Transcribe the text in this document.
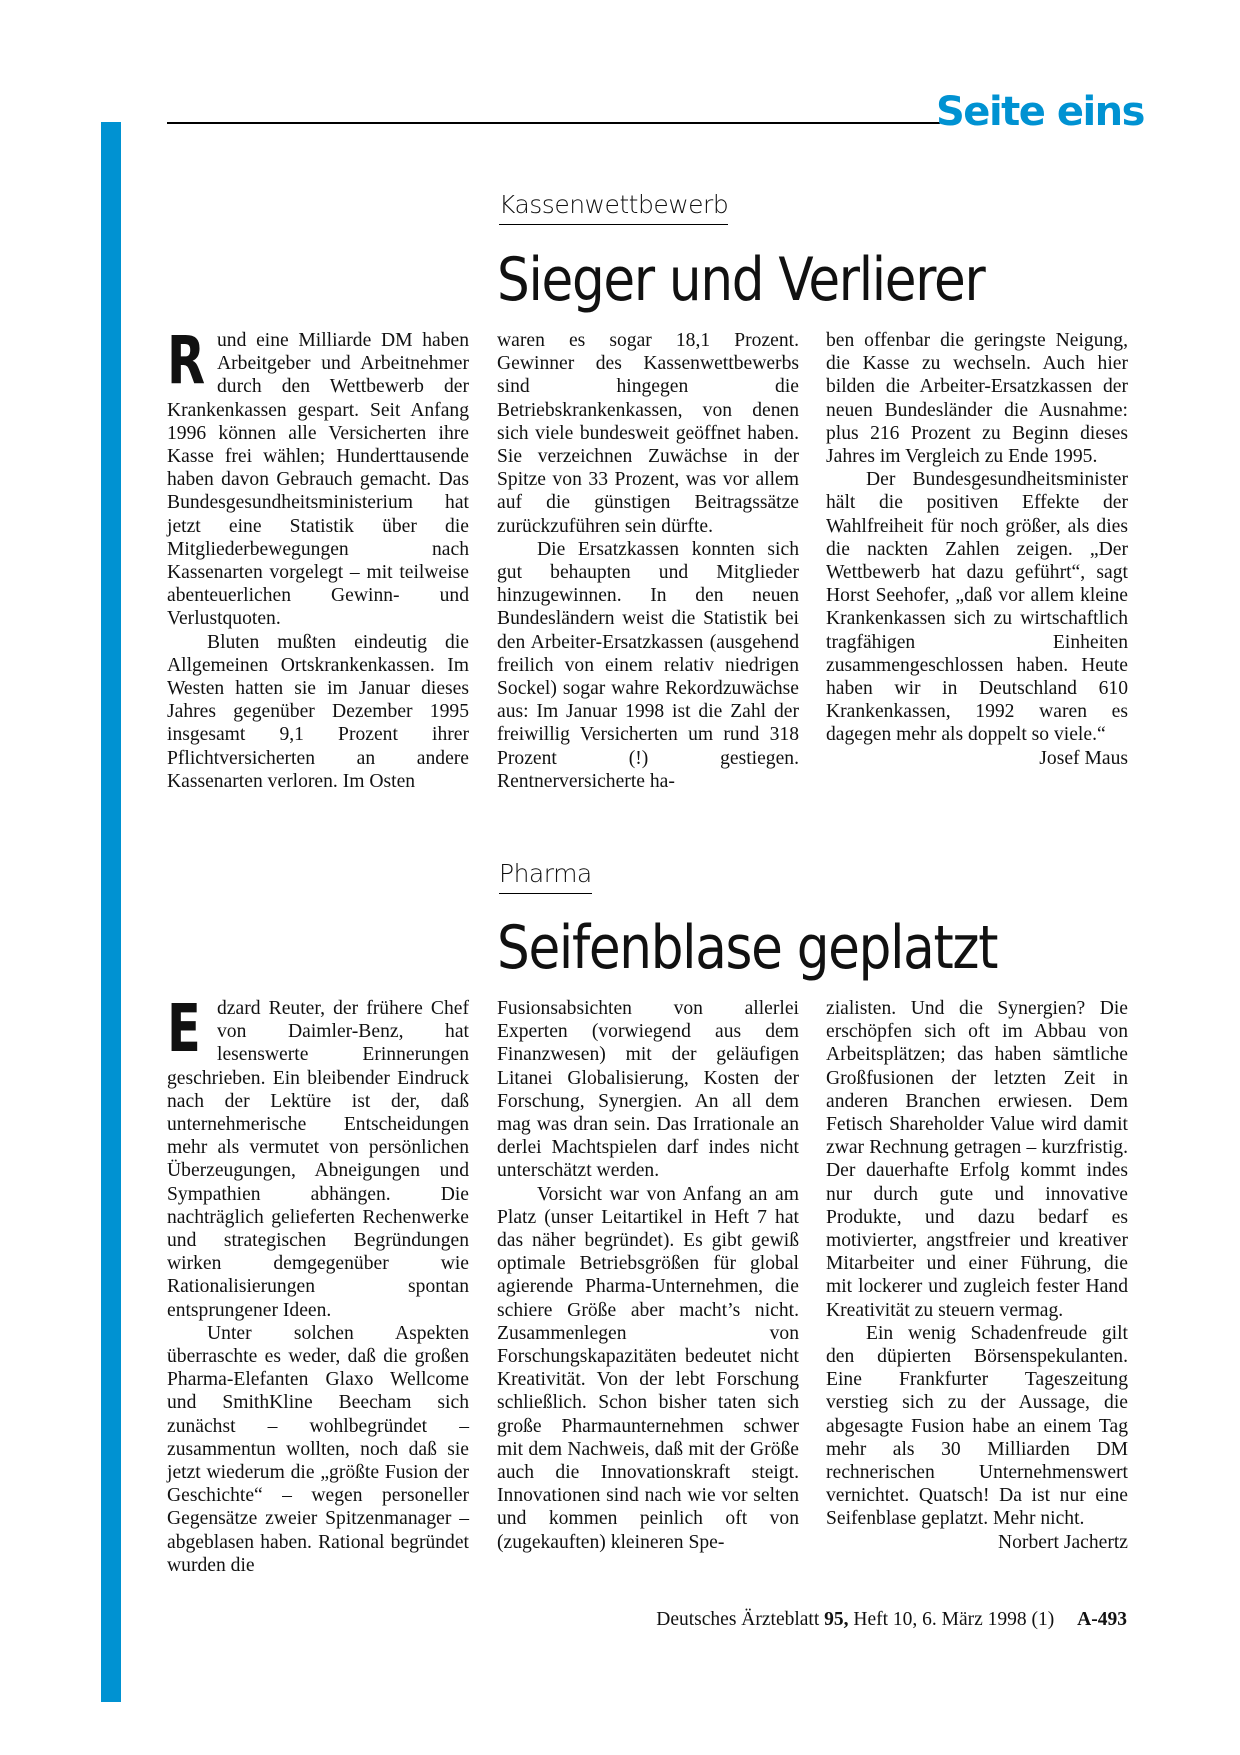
Seite eins
Kassenwettbewerb
Sieger und Verlierer

Rund eine Milliarde DM haben Arbeitgeber und Arbeitnehmer durch den Wettbewerb der Krankenkassen gespart. Seit Anfang 1996 können alle Versicherten ihre Kasse frei wählen; Hunderttausende haben davon Gebrauch gemacht. Das Bundesgesundheitsministerium hat jetzt eine Statistik über die Mitgliederbewegungen nach Kassenarten vorgelegt – mit teilweise abenteuerlichen Gewinn- und Verlustquoten.

Bluten mußten eindeutig die Allgemeinen Ortskrankenkassen. Im Westen hatten sie im Januar dieses Jahres gegenüber Dezember 1995 insgesamt 9,1 Prozent ihrer Pflichtversicherten an andere Kassenarten verloren. Im Osten

waren es sogar 18,1 Prozent. Gewinner des Kassenwettbewerbs sind hingegen die Betriebskrankenkassen, von denen sich viele bundesweit geöffnet haben. Sie verzeichnen Zuwächse in der Spitze von 33 Prozent, was vor allem auf die günstigen Beitragssätze zurückzuführen sein dürfte.

Die Ersatzkassen konnten sich gut behaupten und Mitglieder hinzugewinnen. In den neuen Bundesländern weist die Statistik bei den Arbeiter-Ersatzkassen (ausgehend freilich von einem relativ niedrigen Sockel) sogar wahre Rekordzuwächse aus: Im Januar 1998 ist die Zahl der freiwillig Versicherten um rund 318 Prozent (!) gestiegen. Rentnerversicherte ha-

ben offenbar die geringste Neigung, die Kasse zu wechseln. Auch hier bilden die Arbeiter-Ersatzkassen der neuen Bundesländer die Ausnahme: plus 216 Prozent zu Beginn dieses Jahres im Vergleich zu Ende 1995.

Der Bundesgesundheitsminister hält die positiven Effekte der Wahlfreiheit für noch größer, als dies die nackten Zahlen zeigen. „Der Wettbewerb hat dazu geführt“, sagt Horst Seehofer, „daß vor allem kleine Krankenkassen sich zu wirtschaftlich tragfähigen Einheiten zusammengeschlossen haben. Heute haben wir in Deutschland 610 Krankenkassen, 1992 waren es dagegen mehr als doppelt so viele.“
Josef Maus

Pharma
Seifenblase geplatzt

Edzard Reuter, der frühere Chef von Daimler-Benz, hat lesenswerte Erinnerungen geschrieben. Ein bleibender Eindruck nach der Lektüre ist der, daß unternehmerische Entscheidungen mehr als vermutet von persönlichen Überzeugungen, Abneigungen und Sympathien abhängen. Die nachträglich gelieferten Rechenwerke und strategischen Begründungen wirken demgegenüber wie Rationalisierungen spontan entsprungener Ideen.

Unter solchen Aspekten überraschte es weder, daß die großen Pharma-Elefanten Glaxo Wellcome und SmithKline Beecham sich zunächst – wohlbegründet – zusammentun wollten, noch daß sie jetzt wiederum die „größte Fusion der Geschichte“ – wegen personeller Gegensätze zweier Spitzenmanager – abgeblasen haben. Rational begründet wurden die

Fusionsabsichten von allerlei Experten (vorwiegend aus dem Finanzwesen) mit der geläufigen Litanei Globalisierung, Kosten der Forschung, Synergien. An all dem mag was dran sein. Das Irrationale an derlei Machtspielen darf indes nicht unterschätzt werden.

Vorsicht war von Anfang an am Platz (unser Leitartikel in Heft 7 hat das näher begründet). Es gibt gewiß optimale Betriebsgrößen für global agierende Pharma-Unternehmen, die schiere Größe aber macht’s nicht. Zusammenlegen von Forschungskapazitäten bedeutet nicht Kreativität. Von der lebt Forschung schließlich. Schon bisher taten sich große Pharmaunternehmen schwer mit dem Nachweis, daß mit der Größe auch die Innovationskraft steigt. Innovationen sind nach wie vor selten und kommen peinlich oft von (zugekauften) kleineren Spe-

zialisten. Und die Synergien? Die erschöpfen sich oft im Abbau von Arbeitsplätzen; das haben sämtliche Großfusionen der letzten Zeit in anderen Branchen erwiesen. Dem Fetisch Shareholder Value wird damit zwar Rechnung getragen – kurzfristig. Der dauerhafte Erfolg kommt indes nur durch gute und innovative Produkte, und dazu bedarf es motivierter, angstfreier und kreativer Mitarbeiter und einer Führung, die mit lockerer und zugleich fester Hand Kreativität zu steuern vermag.

Ein wenig Schadenfreude gilt den düpierten Börsenspekulanten. Eine Frankfurter Tageszeitung verstieg sich zu der Aussage, die abgesagte Fusion habe an einem Tag mehr als 30 Milliarden DM rechnerischen Unternehmenswert vernichtet. Quatsch! Da ist nur eine Seifenblase geplatzt. Mehr nicht.
Norbert Jachertz

Deutsches Ärzteblatt 95, Heft 10, 6. März 1998 (1) A-493
